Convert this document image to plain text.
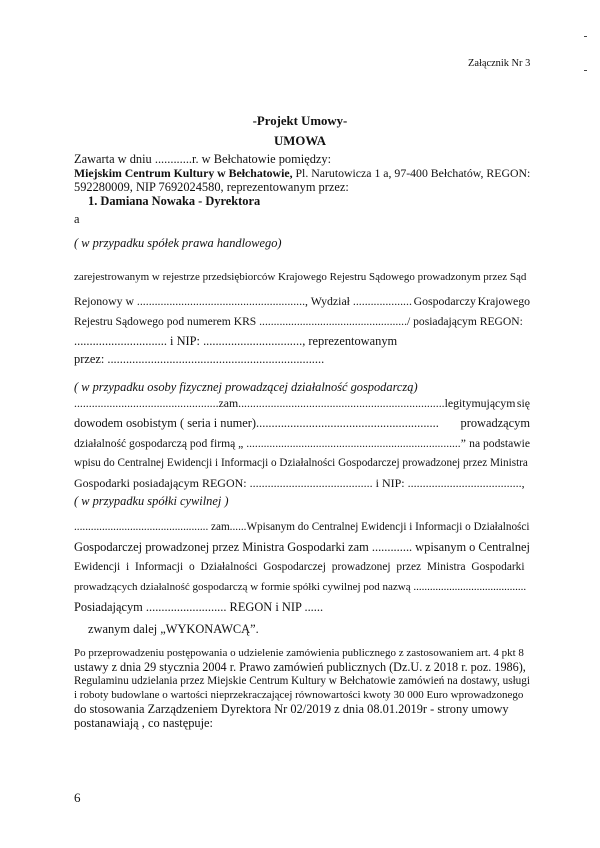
Załącznik Nr 3
-Projekt Umowy-
UMOWA
Zawarta w dniu ............r. w Bełchatowie pomiędzy:
Miejskim Centrum Kultury w Bełchatowie, Pl. Narutowicza 1 a, 97-400 Bełchatów, REGON:
592280009, NIP 7692024580, reprezentowanym przez:
1. Damiana Nowaka - Dyrektora
a
( w przypadku spółek prawa handlowego)
zarejestrowanym w rejestrze przedsiębiorców Krajowego Rejestru Sądowego prowadzonym przez Sąd
Rejonowy w ........................................................., Wydział .................... Gospodarczy Krajowego
Rejestru Sądowego pod numerem KRS .................................................../ posiadającym REGON:
.............................. i NIP: ................................, reprezentowanym
przez: ......................................................................
( w przypadku osoby fizycznej prowadzącej działalność gospodarczą)
.................................................zam......................................................................legitymującym się
dowodem osobistym ( seria i numer)........................................................... prowadzącym
działalność gospodarczą pod firmą „ ..........................................................................” na podstawie
wpisu do Centralnej Ewidencji i Informacji o Działalności Gospodarczej prowadzonej przez Ministra
Gospodarki posiadającym REGON: ......................................... i NIP: ......................................,
( w przypadku spółki cywilnej )
................................................ zam......Wpisanym do Centralnej Ewidencji i Informacji o Działalności
Gospodarczej prowadzonej przez Ministra Gospodarki zam ............. wpisanym o Centralnej
Ewidencji i Informacji o Działalności Gospodarczej prowadzonej przez Ministra Gospodarki
prowadzących działalność gospodarczą w formie spółki cywilnej pod nazwą .........................................
Posiadającym .......................... REGON i NIP ......
zwanym dalej „WYKONAWCĄ”.
Po przeprowadzeniu postępowania o udzielenie zamówienia publicznego z zastosowaniem art. 4 pkt 8
ustawy z dnia 29 stycznia 2004 r. Prawo zamówień publicznych (Dz.U. z 2018 r. poz. 1986),
Regulaminu udzielania przez Miejskie Centrum Kultury w Bełchatowie zamówień na dostawy, usługi
i roboty budowlane o wartości nieprzekraczającej równowartości kwoty 30 000 Euro wprowadzonego
do stosowania Zarządzeniem Dyrektora Nr 02/2019 z dnia 08.01.2019r - strony umowy
postanawiają , co następuje:
6
